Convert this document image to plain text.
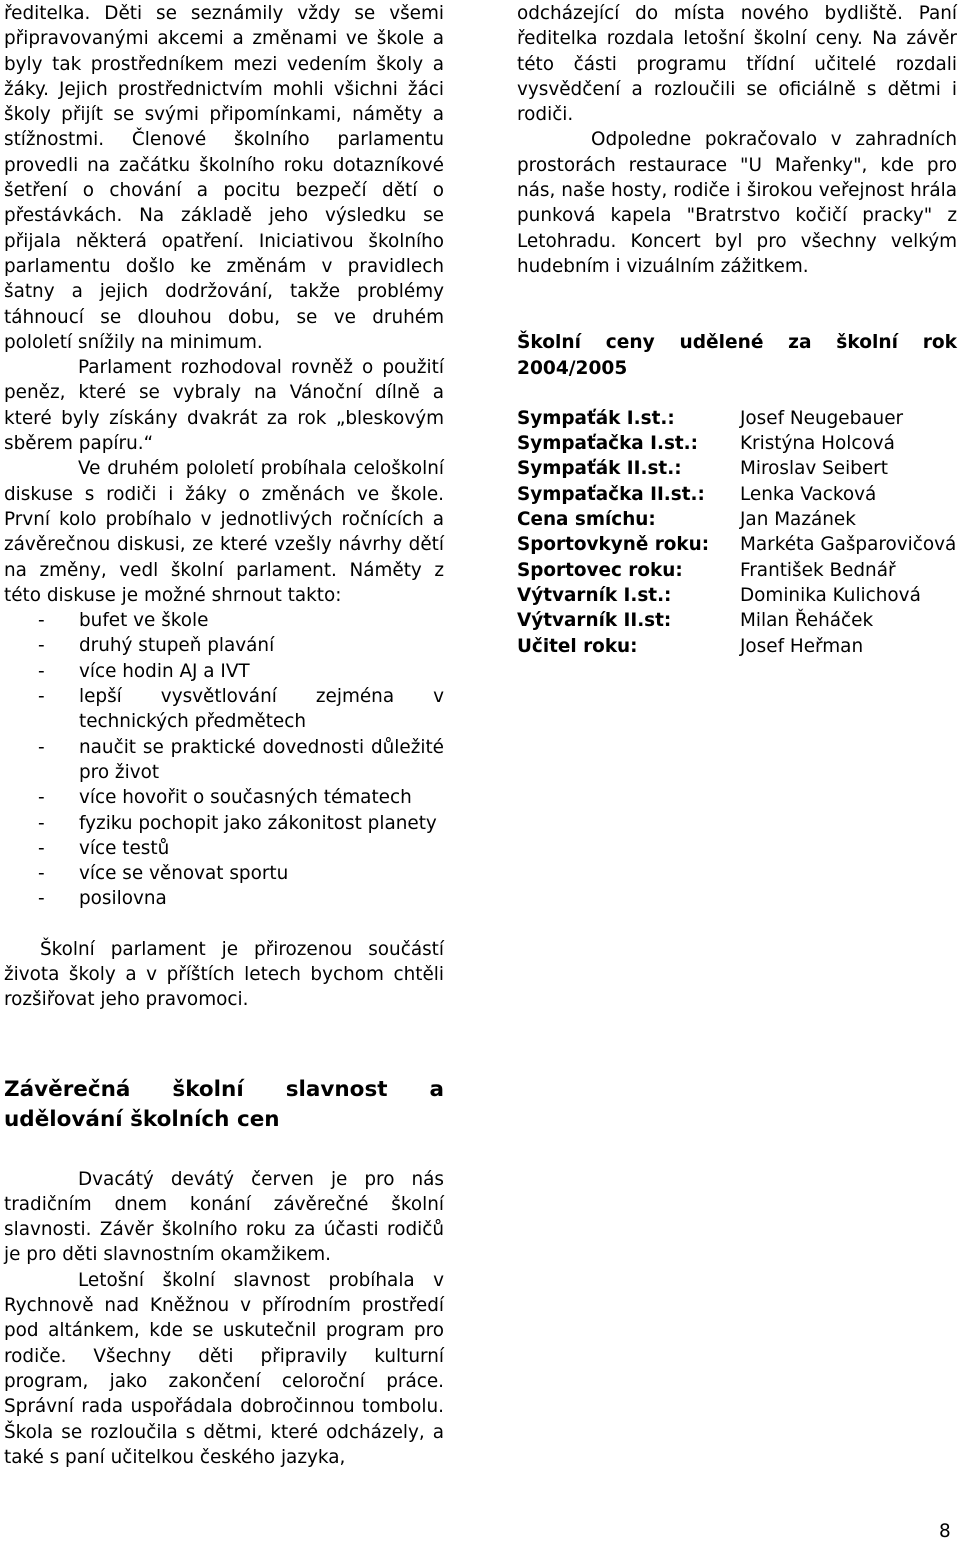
ředitelka. Děti se seznámily vždy se všemi připravovanými akcemi a změnami ve škole a byly tak prostředníkem mezi vedením školy a žáky. Jejich prostřednictvím mohli všichni žáci školy přijít se svými připomínkami, náměty a stížnostmi. Členové školního parlamentu provedli na začátku školního roku dotazníkové šetření o chování a pocitu bezpečí dětí o přestávkách. Na základě jeho výsledku se přijala některá opatření. Iniciativou školního parlamentu došlo ke změnám v pravidlech šatny a jejich dodržování, takže problémy táhnoucí se dlouhou dobu, se ve druhém pololetí snížily na minimum.

Parlament rozhodoval rovněž o použití peněz, které se vybraly na Vánoční dílně a které byly získány dvakrát za rok „bleskovým sběrem papíru.“

Ve druhém pololetí probíhala celoškolní diskuse s rodiči i žáky o změnách ve škole. První kolo probíhalo v jednotlivých ročnících a závěrečnou diskusi, ze které vzešly návrhy dětí na změny, vedl školní parlament. Náměty z této diskuse je možné shrnout takto:

- bufet ve škole
- druhý stupeň plavání
- více hodin AJ a IVT
- lepší vysvětlování zejména v technických předmětech
- naučit se praktické dovednosti důležité pro život
- více hovořit o současných tématech
- fyziku pochopit jako zákonitost planety
- více testů
- více se věnovat sportu
- posilovna

Školní parlament je přirozenou součástí života školy a v příštích letech bychom chtěli rozšiřovat jeho pravomoci.

Závěrečná školní slavnost a
udělování školních cen

Dvacátý devátý červen je pro nás tradičním dnem konání závěrečné školní slavnosti. Závěr školního roku za účasti rodičů je pro děti slavnostním okamžikem.

Letošní školní slavnost probíhala v Rychnově nad Kněžnou v přírodním prostředí pod altánkem, kde se uskutečnil program pro rodiče. Všechny děti připravily kulturní program, jako zakončení celoroční práce. Správní rada uspořádala dobročinnou tombolu. Škola se rozloučila s dětmi, které odcházely, a také s paní učitelkou českého jazyka,

odcházející do místa nového bydliště. Paní ředitelka rozdala letošní školní ceny. Na závěr této části programu třídní učitelé rozdali vysvědčení a rozloučili se oficiálně s dětmi i rodiči.

Odpoledne pokračovalo v zahradních prostorách restaurace "U Mařenky", kde pro nás, naše hosty, rodiče i širokou veřejnost hrála punková kapela "Bratrstvo kočičí pracky" z Letohradu. Koncert byl pro všechny velkým hudebním i vizuálním zážitkem.

Školní ceny udělené za školní rok
2004/2005
Sympaťák I.st.:	Josef Neugebauer
Sympaťačka I.st.:	Kristýna Holcová
Sympaťák II.st.:	Miroslav Seibert
Sympaťačka II.st.:	Lenka Vacková
Cena smíchu:	Jan Mazánek
Sportovkyně roku:	Markéta Gašparovičová
Sportovec roku:	František Bednář
Výtvarník I.st.:	Dominika Kulichová
Výtvarník II.st:	Milan Řeháček
Učitel roku:	Josef Heřman
8
